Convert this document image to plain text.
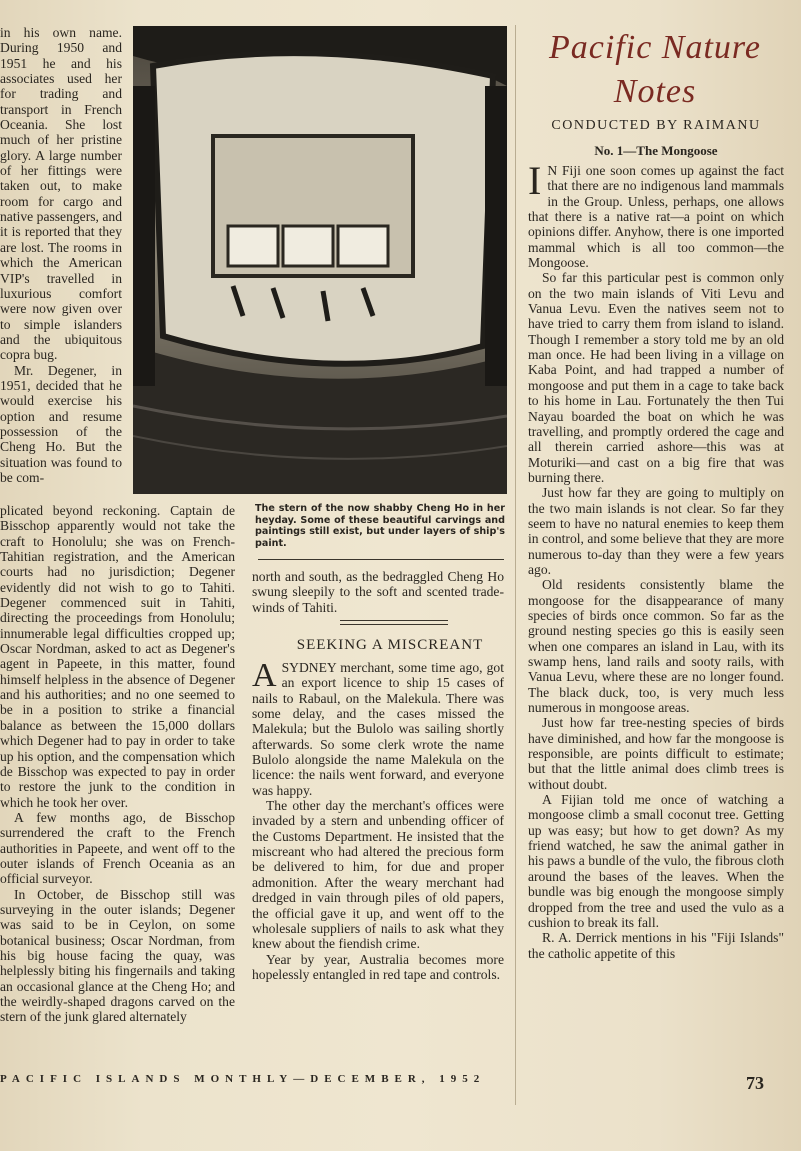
in his own name. During 1950 and 1951 he and his associates used her for trading and transport in French Oceania. She lost much of her pristine glory. A large number of her fittings were taken out, to make room for cargo and native passengers, and it is reported that they are lost. The rooms in which the American VIP's travelled in luxurious comfort were now given over to simple islanders and the ubiquitous copra bug.

Mr. Degener, in 1951, decided that he would exercise his option and resume possession of the Cheng Ho. But the situation was found to be com-

The stern of the now shabby Cheng Ho in her heyday. Some of these beautiful carvings and paintings still exist, but under layers of ship's paint.

plicated beyond reckoning. Captain de Bisschop apparently would not take the craft to Honolulu; she was on French-Tahitian registration, and the American courts had no jurisdiction; Degener evidently did not wish to go to Tahiti. Degener commenced suit in Tahiti, directing the proceedings from Honolulu; innumerable legal difficulties cropped up; Oscar Nordman, asked to act as Degener's agent in Papeete, in this matter, found himself helpless in the absence of Degener and his authorities; and no one seemed to be in a position to strike a financial balance as between the 15,000 dollars which Degener had to pay in order to take up his option, and the compensation which de Bisschop was expected to pay in order to restore the junk to the condition in which he took her over.

A few months ago, de Bisschop surrendered the craft to the French authorities in Papeete, and went off to the outer islands of French Oceania as an official surveyor.

In October, de Bisschop still was surveying in the outer islands; Degener was said to be in Ceylon, on some botanical business; Oscar Nordman, from his big house facing the quay, was helplessly biting his fingernails and taking an occasional glance at the Cheng Ho; and the weirdly-shaped dragons carved on the stern of the junk glared alternately

north and south, as the bedraggled Cheng Ho swung sleepily to the soft and scented trade-winds of Tahiti.

SEEKING A MISCREANT

ASYDNEY merchant, some time ago, got an export licence to ship 15 cases of nails to Rabaul, on the Malekula. There was some delay, and the cases missed the Malekula; but the Bulolo was sailing shortly afterwards. So some clerk wrote the name Bulolo alongside the name Malekula on the licence: the nails went forward, and everyone was happy.

The other day the merchant's offices were invaded by a stern and unbending officer of the Customs Department. He insisted that the miscreant who had altered the precious form be delivered to him, for due and proper admonition. After the weary merchant had dredged in vain through piles of old papers, the official gave it up, and went off to the wholesale suppliers of nails to ask what they knew about the fiendish crime.

Year by year, Australia becomes more hopelessly entangled in red tape and controls.

Pacific Nature
Notes
CONDUCTED BY RAIMANU
No. 1—The Mongoose

I N Fiji one soon comes up against the fact that there are no indigenous land mammals in the Group. Unless, perhaps, one allows that there is a native rat—a point on which opinions differ. Anyhow, there is one imported mammal which is all too common—the Mongoose.

So far this particular pest is common only on the two main islands of Viti Levu and Vanua Levu. Even the natives seem not to have tried to carry them from island to island. Though I remember a story told me by an old man once. He had been living in a village on Kaba Point, and had trapped a number of mongoose and put them in a cage to take back to his home in Lau. Fortunately the then Tui Nayau boarded the boat on which he was travelling, and promptly ordered the cage and all therein carried ashore—this was at Moturiki—and cast on a big fire that was burning there.

Just how far they are going to multiply on the two main islands is not clear. So far they seem to have no natural enemies to keep them in control, and some believe that they are more numerous to-day than they were a few years ago.

Old residents consistently blame the mongoose for the disappearance of many species of birds once common. So far as the ground nesting species go this is easily seen when one compares an island in Lau, with its swamp hens, land rails and sooty rails, with Vanua Levu, where these are no longer found. The black duck, too, is very much less numerous in mongoose areas.

Just how far tree-nesting species of birds have diminished, and how far the mongoose is responsible, are points difficult to estimate; but that the little animal does climb trees is without doubt.

A Fijian told me once of watching a mongoose climb a small coconut tree. Getting up was easy; but how to get down? As my friend watched, he saw the animal gather in his paws a bundle of the vulo, the fibrous cloth around the bases of the leaves. When the bundle was big enough the mongoose simply dropped from the tree and used the vulo as a cushion to break its fall.

R. A. Derrick mentions in his "Fiji Islands" the catholic appetite of this

PACIFIC ISLANDS MONTHLY—DECEMBER, 1952	73
